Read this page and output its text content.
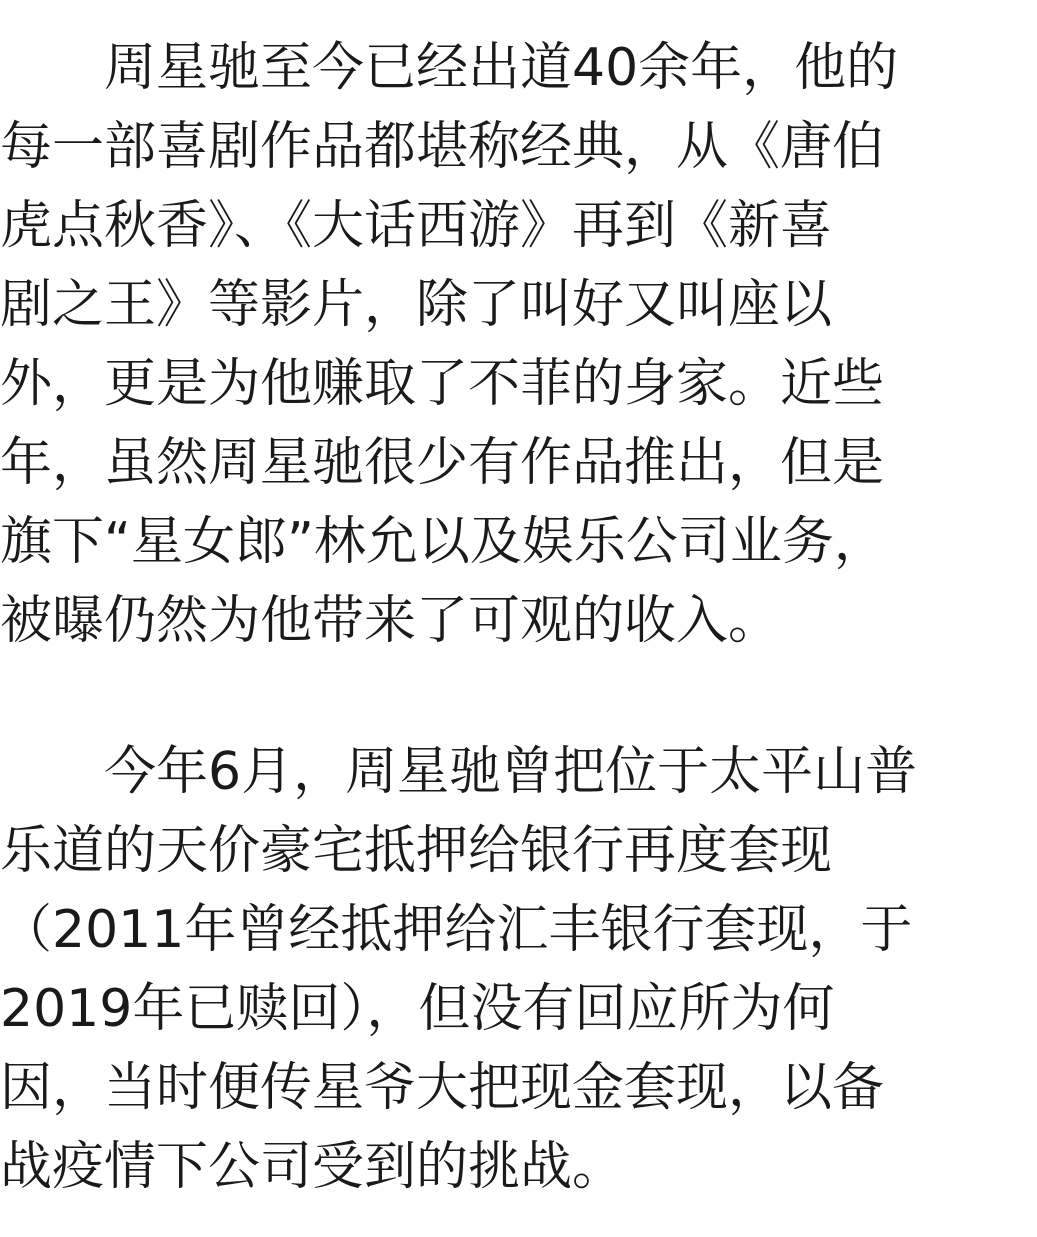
　　周星驰至今已经出道40余年，他的

每一部喜剧作品都堪称经典，从《唐伯

虎点秋香》、《大话西游》再到《新喜

剧之王》等影片，除了叫好又叫座以

外，更是为他赚取了不菲的身家。近些

年，虽然周星驰很少有作品推出，但是

旗下“星女郎”林允以及娱乐公司业务，

被曝仍然为他带来了可观的收入。

　　今年6月，周星驰曾把位于太平山普

乐道的天价豪宅抵押给银行再度套现

（2011年曾经抵押给汇丰银行套现，于

2019年已赎回），但没有回应所为何

因，当时便传星爷大把现金套现，以备

战疫情下公司受到的挑战。
